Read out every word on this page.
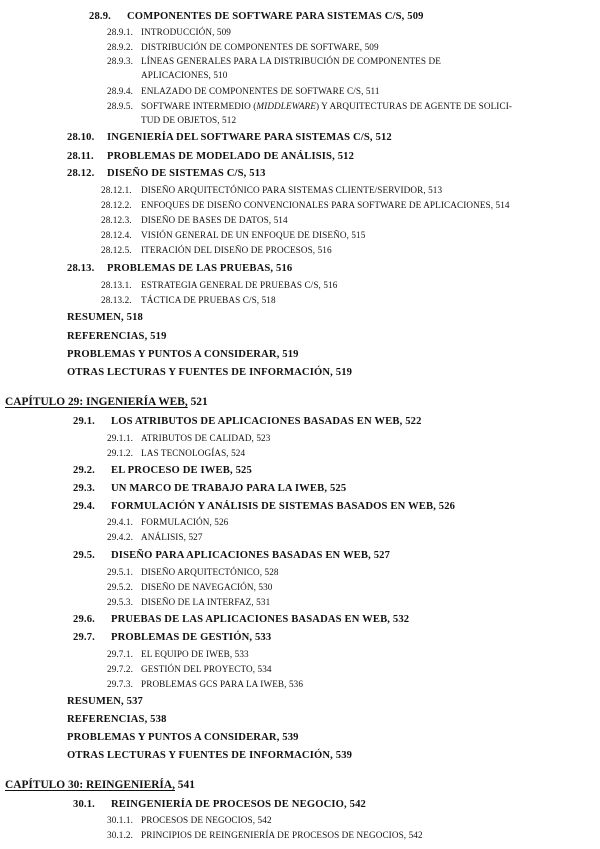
28.9. COMPONENTES DE SOFTWARE PARA SISTEMAS C/S, 509
28.9.1. INTRODUCCIÓN, 509
28.9.2. DISTRIBUCIÓN DE COMPONENTES DE SOFTWARE, 509
28.9.3. LÍNEAS GENERALES PARA LA DISTRIBUCIÓN DE COMPONENTES DE
APLICACIONES, 510
28.9.4. ENLAZADO DE COMPONENTES DE SOFTWARE C/S, 511
28.9.5. SOFTWARE INTERMEDIO (MIDDLEWARE) Y ARQUITECTURAS DE AGENTE DE SOLICI-
TUD DE OBJETOS, 512
28.10. INGENIERÍA DEL SOFTWARE PARA SISTEMAS C/S, 512
28.11. PROBLEMAS DE MODELADO DE ANÁLISIS, 512
28.12. DISEÑO DE SISTEMAS C/S, 513
28.12.1. DISEÑO ARQUITECTÓNICO PARA SISTEMAS CLIENTE/SERVIDOR, 513
28.12.2. ENFOQUES DE DISEÑO CONVENCIONALES PARA SOFTWARE DE APLICACIONES, 514
28.12.3. DISEÑO DE BASES DE DATOS, 514
28.12.4. VISIÓN GENERAL DE UN ENFOQUE DE DISEÑO, 515
28.12.5. ITERACIÓN DEL DISEÑO DE PROCESOS, 516
28.13. PROBLEMAS DE LAS PRUEBAS, 516
28.13.1. ESTRATEGIA GENERAL DE PRUEBAS C/S, 516
28.13.2. TÁCTICA DE PRUEBAS C/S, 518
RESUMEN, 518
REFERENCIAS, 519
PROBLEMAS Y PUNTOS A CONSIDERAR, 519
OTRAS LECTURAS Y FUENTES DE INFORMACIÓN, 519
CAPÍTULO 29: INGENIERÍA WEB, 521
29.1. LOS ATRIBUTOS DE APLICACIONES BASADAS EN WEB, 522
29.1.1. ATRIBUTOS DE CALIDAD, 523
29.1.2. LAS TECNOLOGÍAS, 524
29.2. EL PROCESO DE IWEB, 525
29.3. UN MARCO DE TRABAJO PARA LA IWEB, 525
29.4. FORMULACIÓN Y ANÁLISIS DE SISTEMAS BASADOS EN WEB, 526
29.4.1. FORMULACIÓN, 526
29.4.2. ANÁLISIS, 527
29.5. DISEÑO PARA APLICACIONES BASADAS EN WEB, 527
29.5.1. DISEÑO ARQUITECTÓNICO, 528
29.5.2. DISEÑO DE NAVEGACIÓN, 530
29.5.3. DISEÑO DE LA INTERFAZ, 531
29.6. PRUEBAS DE LAS APLICACIONES BASADAS EN WEB, 532
29.7. PROBLEMAS DE GESTIÓN, 533
29.7.1. EL EQUIPO DE IWEB, 533
29.7.2. GESTIÓN DEL PROYECTO, 534
29.7.3. PROBLEMAS GCS PARA LA IWEB, 536
RESUMEN, 537
REFERENCIAS, 538
PROBLEMAS Y PUNTOS A CONSIDERAR, 539
OTRAS LECTURAS Y FUENTES DE INFORMACIÓN, 539
CAPÍTULO 30: REINGENIERÍA, 541
30.1. REINGENIERÍA DE PROCESOS DE NEGOCIO, 542
30.1.1. PROCESOS DE NEGOCIOS, 542
30.1.2. PRINCIPIOS DE REINGENIERÍA DE PROCESOS DE NEGOCIOS, 542
